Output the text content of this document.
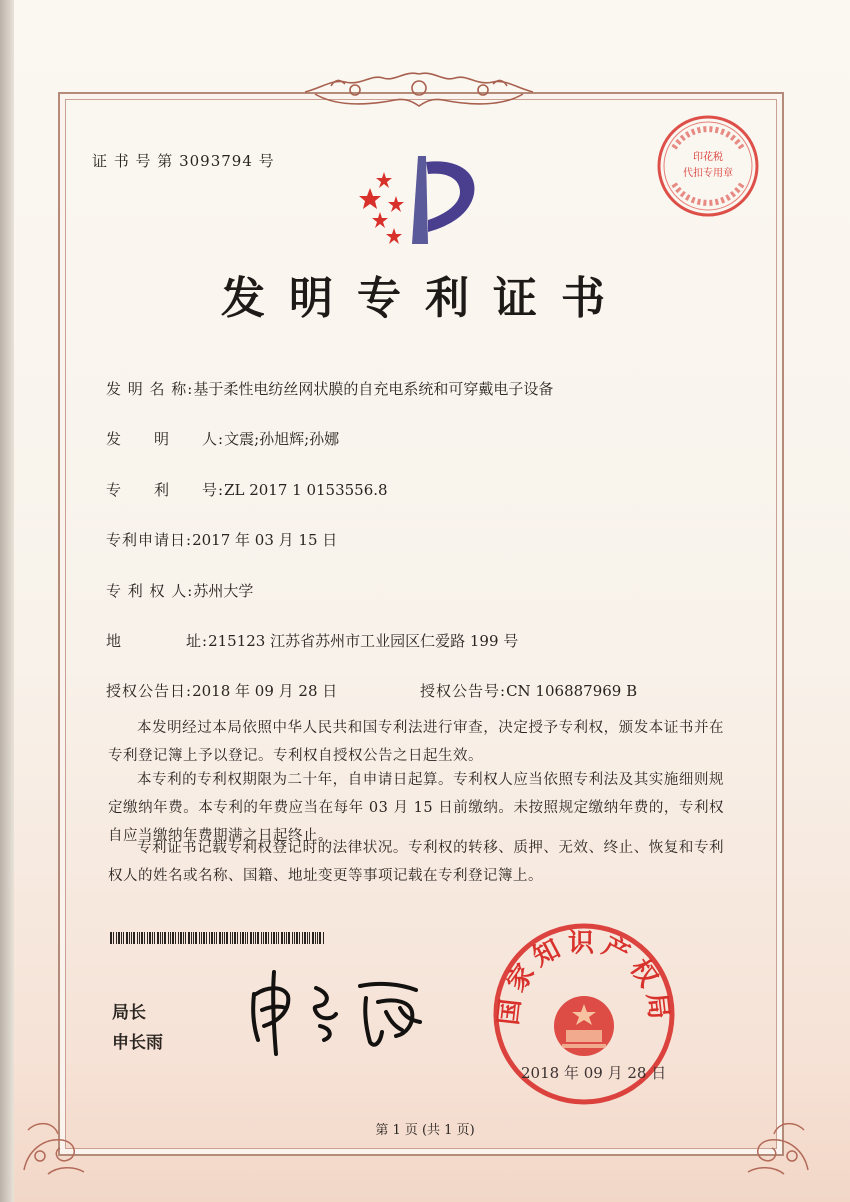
证 书 号 第 3093794 号	印花税
代扣专用章
发明专利证书
发 明 名 称:基于柔性电纺丝网状膜的自充电系统和可穿戴电子设备
发　　明　　人:文震;孙旭辉;孙娜
专　　利　　号:ZL 2017 1 0153556.8
专利申请日:2017 年 03 月 15 日
专 利 权 人:苏州大学
地　　　　址:215123 江苏省苏州市工业园区仁爱路 199 号
授权公告日:2018 年 09 月 28 日	授权公告号:CN 106887969 B
本发明经过本局依照中华人民共和国专利法进行审查，决定授予专利权，颁发本证书并在专利登记簿上予以登记。专利权自授权公告之日起生效。
本专利的专利权期限为二十年，自申请日起算。专利权人应当依照专利法及其实施细则规定缴纳年费。本专利的年费应当在每年 03 月 15 日前缴纳。未按照规定缴纳年费的，专利权自应当缴纳年费期满之日起终止。
专利证书记载专利权登记时的法律状况。专利权的转移、质押、无效、终止、恢复和专利权人的姓名或名称、国籍、地址变更等事项记载在专利登记簿上。
局长
申长雨
国家知识产权局
2018 年 09 月 28 日
第 1 页 (共 1 页)
